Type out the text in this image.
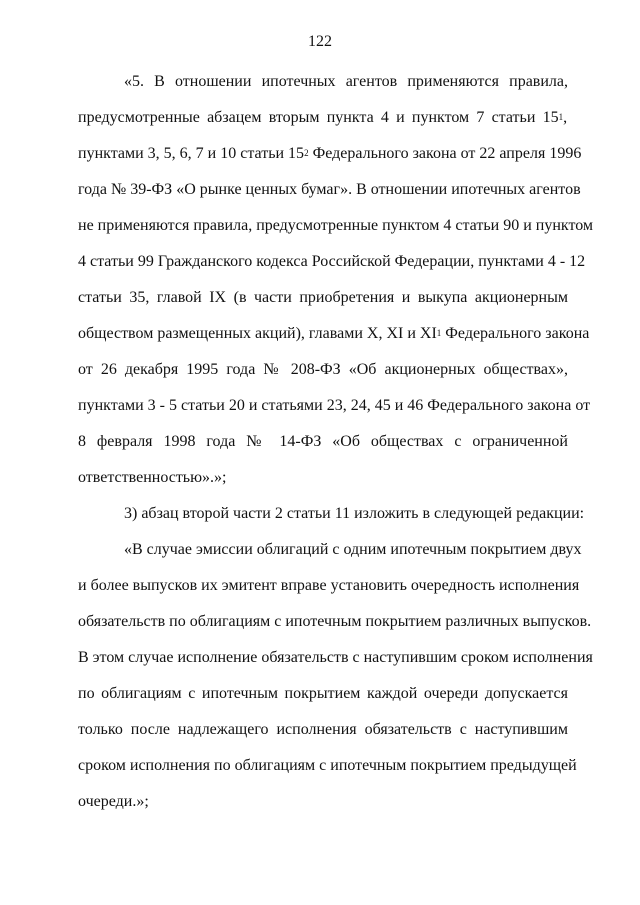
122
«5. В отношении ипотечных агентов применяются правила,
предусмотренные абзацем вторым пункта 4 и пунктом 7 статьи $15^1$,
пунктами 3, 5, 6, 7 и 10 статьи $15^2$ Федерального закона от 22 апреля 1996
года № 39-ФЗ «О рынке ценных бумаг». В отношении ипотечных агентов
не применяются правила, предусмотренные пунктом 4 статьи 90 и пунктом
4 статьи 99 Гражданского кодекса Российской Федерации, пунктами 4 - 12
статьи 35, главой IX (в части приобретения и выкупа акционерным
обществом размещенных акций), главами X, XI и $XI^1$ Федерального закона
от 26 декабря 1995 года № 208-ФЗ «Об акционерных обществах»,
пунктами 3 - 5 статьи 20 и статьями 23, 24, 45 и 46 Федерального закона от
8 февраля 1998 года № 14-ФЗ «Об обществах с ограниченной
ответственностью».»;
3) абзац второй части 2 статьи 11 изложить в следующей редакции:
«В случае эмиссии облигаций с одним ипотечным покрытием двух
и более выпусков их эмитент вправе установить очередность исполнения
обязательств по облигациям с ипотечным покрытием различных выпусков.
В этом случае исполнение обязательств с наступившим сроком исполнения
по облигациям с ипотечным покрытием каждой очереди допускается
только после надлежащего исполнения обязательств с наступившим
сроком исполнения по облигациям с ипотечным покрытием предыдущей
очереди.»;
